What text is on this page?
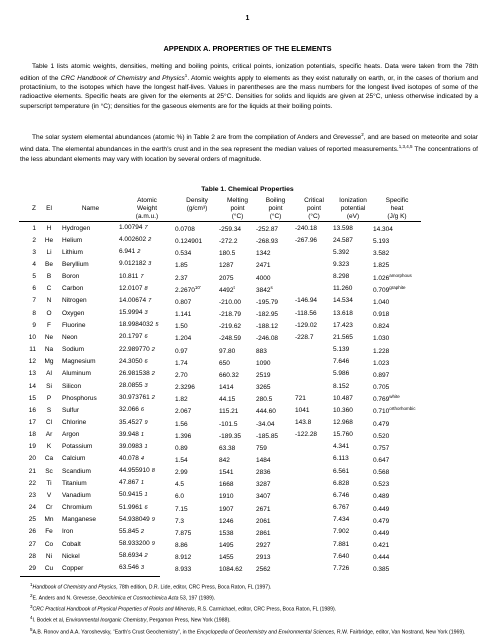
1
APPENDIX A. PROPERTIES OF THE ELEMENTS
Table 1 lists atomic weights, densities, melting and boiling points, critical points, ionization potentials, specific heats. Data were taken from the 78th edition of the CRC Handbook of Chemistry and Physics$^1$. Atomic weights apply to elements as they exist naturally on earth, or, in the cases of thorium and protactinium, to the isotopes which have the longest half-lives. Values in parentheses are the mass numbers for the longest lived isotopes of some of the radioactive elements. Specific heats are given for the elements at 25°C. Densities for solids and liquids are given at 25°C, unless otherwise indicated by a superscript temperature (in °C); densities for the gaseous elements are for the liquids at their boiling points.
The solar system elemental abundances (atomic %) in Table 2 are from the compilation of Anders and Grevesse$^2$, and are based on meteorite and solar wind data. The elemental abundances in the earth’s crust and in the sea represent the median values of reported measurements.$^{1,3,4,5}$ The concentrations of the less abundant elements may vary with location by several orders of magnitude.
Table 1. Chemical Properties
			Atomic	Density	Melting	Boiling	Critical	Ionization	Specific
Z	El	Name	Weight	(g/cm³)	point	point	point	potential	heat
			(a.m.u.)		(°C)	(°C)	(°C)	(eV)	(J/g K)
1	H	Hydrogen	1.00794 7	0.0708	-259.34	-252.87	-240.18	13.598	14.304
2	He	Helium	4.002602 2	0.124901	-272.2	-268.93	-267.96	24.587	5.193
3	Li	Lithium	6.941 2	0.534	180.5	1342		5.392	3.582
4	Be	Beryllium	9.012182 3	1.85	1287	2471		9.323	1.825
5	B	Boron	10.811 7	2.37	2075	4000		8.298	$1.026^{amorphous}$
6	C	Carbon	12.0107 8	$2.2670^{10'}$	4492$^t$	3842$^s$		11.260	$0.709^{graphite}$
7	N	Nitrogen	14.00674 7	0.807	-210.00	-195.79	-146.94	14.534	1.040
8	O	Oxygen	15.9994 3	1.141	-218.79	-182.95	-118.56	13.618	0.918
9	F	Fluorine	18.9984032 5	1.50	-219.62	-188.12	-129.02	17.423	0.824
10	Ne	Neon	20.1797 6	1.204	-248.59	-246.08	-228.7	21.565	1.030
11	Na	Sodium	22.989770 2	0.97	97.80	883		5.139	1.228
12	Mg	Magnesium	24.3050 6	1.74	650	1090		7.646	1.023
13	Al	Aluminum	26.981538 2	2.70	660.32	2519		5.986	0.897
14	Si	Silicon	28.0855 3	2.3296	1414	3265		8.152	0.705
15	P	Phosphorus	30.973761 2	1.82	44.15	280.5	721	10.487	$0.769^{white}$
16	S	Sulfur	32.066 6	2.067	115.21	444.60	1041	10.360	$0.710^{orthorhombic}$
17	Cl	Chlorine	35.4527 9	1.56	-101.5	-34.04	143.8	12.968	0.479
18	Ar	Argon	39.948 1	1.396	-189.35	-185.85	-122.28	15.760	0.520
19	K	Potassium	39.0983 1	0.89	63.38	759		4.341	0.757
20	Ca	Calcium	40.078 4	1.54	842	1484		6.113	0.647
21	Sc	Scandium	44.955910 8	2.99	1541	2836		6.561	0.568
22	Ti	Titanium	47.867 1	4.5	1668	3287		6.828	0.523
23	V	Vanadium	50.9415 1	6.0	1910	3407		6.746	0.489
24	Cr	Chromium	51.9961 6	7.15	1907	2671		6.767	0.449
25	Mn	Manganese	54.938049 9	7.3	1246	2061		7.434	0.479
26	Fe	Iron	55.845 2	7.875	1538	2861		7.902	0.449
27	Co	Cobalt	58.933200 9	8.86	1495	2927		7.881	0.421
28	Ni	Nickel	58.6934 2	8.912	1455	2913		7.640	0.444
29	Cu	Copper	63.546 3	8.933	1084.62	2562		7.726	0.385
$^1$Handbook of Chemistry and Physics, 78th edition, D.R. Lide, editor, CRC Press, Boca Raton, FL (1997).
$^2$E. Anders and N. Grevesse, Geochimica et Cosmochimica Acta 53, 197 (1989).
$^3$CRC Practical Handbook of Physical Properties of Rocks and Minerals, R.S. Carmichael, editor, CRC Press, Boca Raton, FL (1989).
$^4$I. Bodek et al, Environmental Inorganic Chemistry, Pergamon Press, New York (1988).
$^5$A.B. Ronov and A.A. Yaroshevsky, “Earth’s Crust Geochemistry”, in the Encyclopedia of Geochemistry and Environmental Sciences, R.W. Fairbridge, editor, Van Nostrand, New York (1969).
